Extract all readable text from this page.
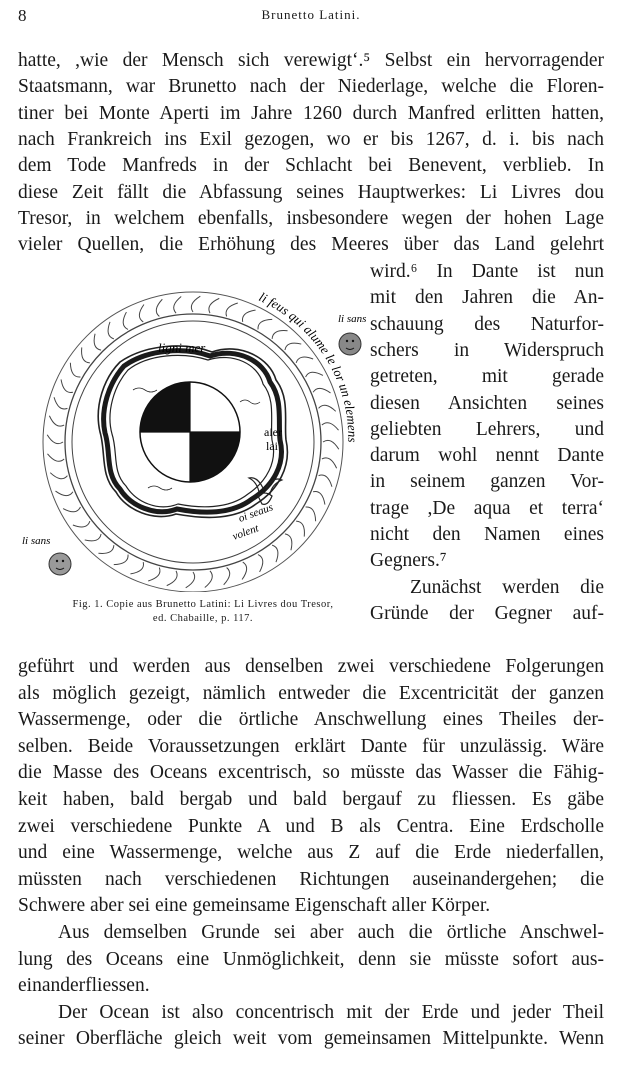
8	Brunetto Latini.
hatte, ,wie der Mensch sich verewigt‘.⁵ Selbst ein hervorragender
Staatsmann, war Brunetto nach der Niederlage, welche die Floren-
tiner bei Monte Aperti im Jahre 1260 durch Manfred erlitten hatten,
nach Frankreich ins Exil gezogen, wo er bis 1267, d. i. bis nach
dem Tode Manfreds in der Schlacht bei Benevent, verblieb. In
diese Zeit fällt die Abfassung seines Hauptwerkes: Li Livres dou
Tresor, in welchem ebenfalls, insbesondere wegen der hohen Lage
vieler Quellen, die Erhöhung des Meeres über das Land gelehrt
ligni mer
aier
lai
li feus qui alume le lor un elemens
oi seaus
volent
li sans
li sans
Fig. 1. Copie aus Brunetto Latini: Li Livres dou Tresor,
ed. Chabaille, p. 117.
wird.⁶ In Dante ist nun
mit den Jahren die An-
schauung des Naturfor-
schers in Widerspruch
getreten, mit gerade
diesen Ansichten seines
geliebten Lehrers, und
darum wohl nennt Dante
in seinem ganzen Vor-
trage ,De aqua et terra‘
nicht den Namen eines
Gegners.⁷
Zunächst werden die
Gründe der Gegner auf-
geführt und werden aus denselben zwei verschiedene Folgerungen
als möglich gezeigt, nämlich entweder die Excentricität der ganzen
Wassermenge, oder die örtliche Anschwellung eines Theiles der-
selben. Beide Voraussetzungen erklärt Dante für unzulässig. Wäre
die Masse des Oceans excentrisch, so müsste das Wasser die Fähig-
keit haben, bald bergab und bald bergauf zu fliessen. Es gäbe
zwei verschiedene Punkte A und B als Centra. Eine Erdscholle
und eine Wassermenge, welche aus Z auf die Erde niederfallen,
müssten nach verschiedenen Richtungen auseinandergehen; die
Schwere aber sei eine gemeinsame Eigenschaft aller Körper.
Aus demselben Grunde sei aber auch die örtliche Anschwel-
lung des Oceans eine Unmöglichkeit, denn sie müsste sofort aus-
einanderfliessen.
Der Ocean ist also concentrisch mit der Erde und jeder Theil
seiner Oberfläche gleich weit vom gemeinsamen Mittelpunkte. Wenn
